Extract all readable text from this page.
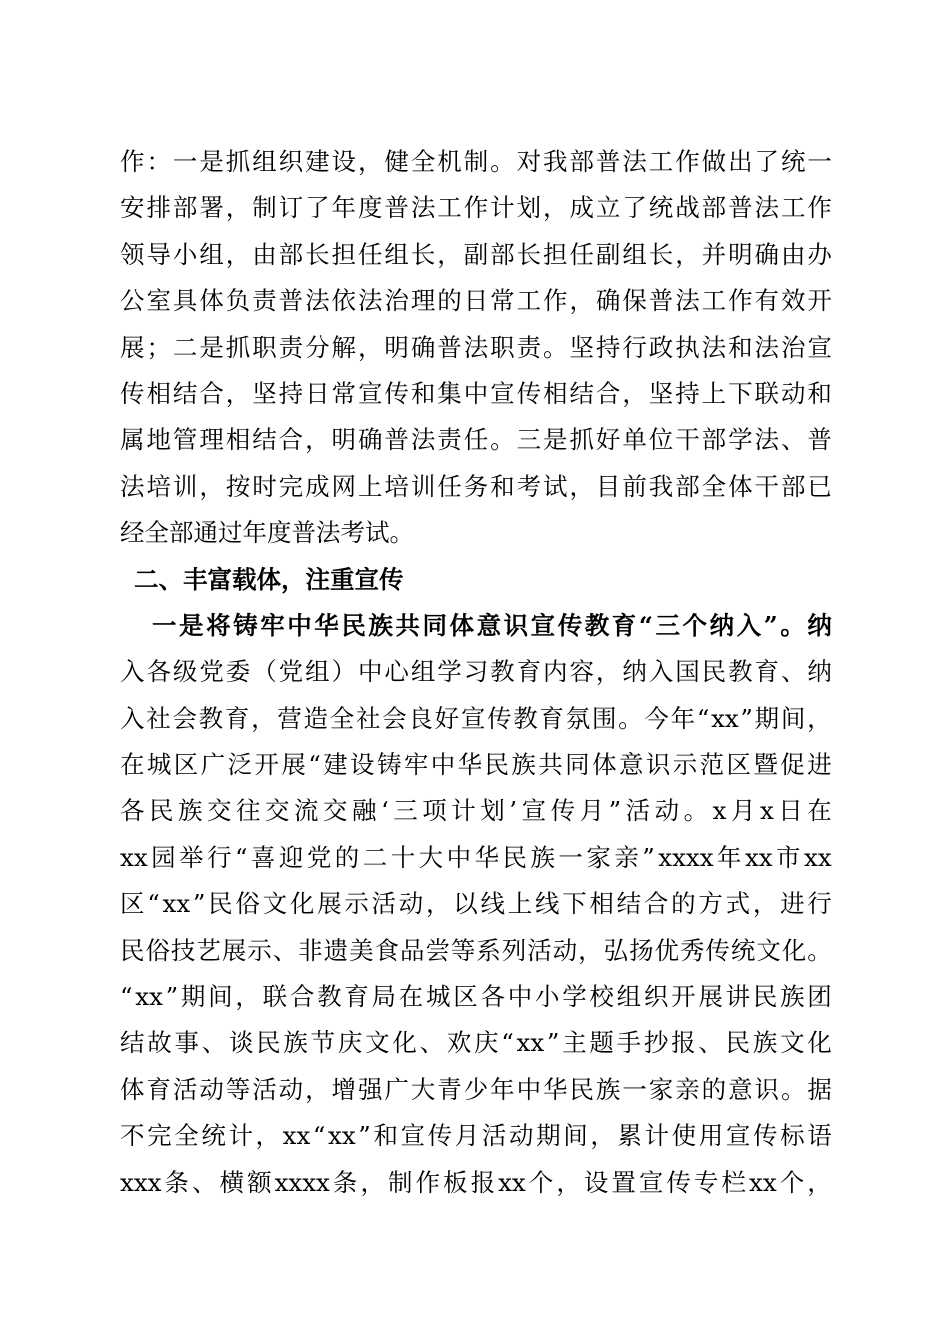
作 ： 一 是 抓 组 织 建 设 ， 健 全 机 制 。 对 我 部 普 法 工 作 做 出 了 统 一
安 排 部 署 ， 制 订 了 年 度 普 法 工 作 计 划 ， 成 立 了 统 战 部 普 法 工 作
领 导 小 组 ， 由 部 长 担 任 组 长 ， 副 部 长 担 任 副 组 长 ， 并 明 确 由 办
公 室 具 体 负 责 普 法 依 法 治 理 的 日 常 工 作 ， 确 保 普 法 工 作 有 效 开
展 ； 二 是 抓 职 责 分 解 ， 明 确 普 法 职 责 。 坚 持 行 政 执 法 和 法 治 宣
传 相 结 合 ， 坚 持 日 常 宣 传 和 集 中 宣 传 相 结 合 ， 坚 持 上 下 联 动 和
属 地 管 理 相 结 合 ， 明 确 普 法 责 任 。 三 是 抓 好 单 位 干 部 学 法 、 普
法 培 训 ， 按 时 完 成 网 上 培 训 任 务 和 考 试 ， 目 前 我 部 全 体 干 部 已
经全部通过年度普法考试。
二、丰富载体，注重宣传
一 是 将 铸 牢 中 华 民 族 共 同 体 意 识 宣 传 教 育 “ 三 个 纳 入 ” 。 纳
入 各 级 党 委 （ 党 组 ） 中 心 组 学 习 教 育 内 容 ， 纳 入 国 民 教 育 、 纳
入 社 会 教 育 ， 营 造 全 社 会 良 好 宣 传 教 育 氛 围 。 今 年 “ xx ” 期 间 ，
在 城 区 广 泛 开 展 “ 建 设 铸 牢 中 华 民 族 共 同 体 意 识 示 范 区 暨 促 进
各 民 族 交 往 交 流 交 融 ‘ 三 项 计 划 ’ 宣 传 月 ” 活 动 。 x 月 x 日 在
xx 园 举 行 “ 喜 迎 党 的 二 十 大 中 华 民 族 一 家 亲 ” xxxx 年 xx 市 xx
区 “ xx ” 民 俗 文 化 展 示 活 动 ， 以 线 上 线 下 相 结 合 的 方 式 ， 进 行
民 俗 技 艺 展 示 、 非 遗 美 食 品 尝 等 系 列 活 动 ， 弘 扬 优 秀 传 统 文 化 。
“ xx ” 期 间 ， 联 合 教 育 局 在 城 区 各 中 小 学 校 组 织 开 展 讲 民 族 团
结 故 事 、 谈 民 族 节 庆 文 化 、 欢 庆 “ xx ” 主 题 手 抄 报 、 民 族 文 化
体 育 活 动 等 活 动 ， 增 强 广 大 青 少 年 中 华 民 族 一 家 亲 的 意 识 。 据
不 完 全 统 计 ， xx “ xx ” 和 宣 传 月 活 动 期 间 ， 累 计 使 用 宣 传 标 语
xxx 条 、 横 额 xxxx 条 ， 制 作 板 报 xx 个 ， 设 置 宣 传 专 栏 xx 个 ，
